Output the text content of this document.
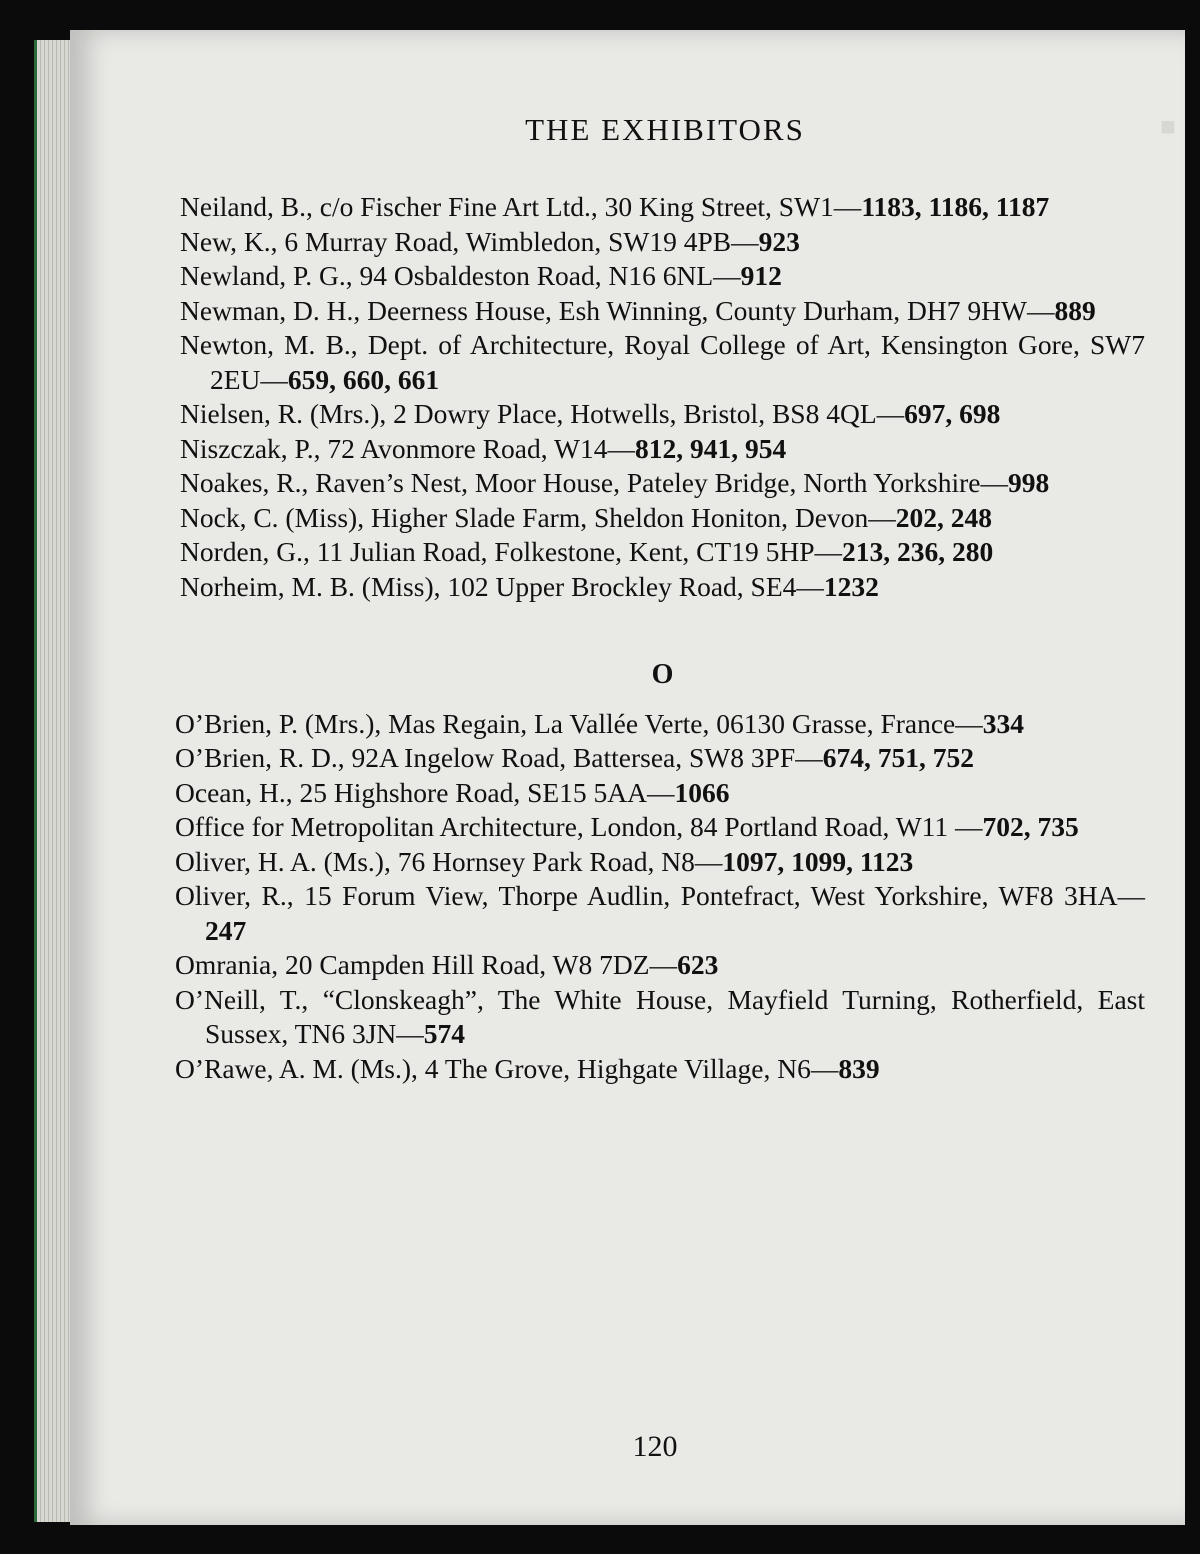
■
THE EXHIBITORS

Neiland, B., c/o Fischer Fine Art Ltd., 30 King Street, SW1—1183, 1186, 1187

New, K., 6 Murray Road, Wimbledon, SW19 4PB—923

Newland, P. G., 94 Osbaldeston Road, N16 6NL—912

Newman, D. H., Deerness House, Esh Winning, County Durham, DH7 9HW—889

Newton, M. B., Dept. of Architecture, Royal College of Art, Kensington Gore, SW7 2EU—659, 660, 661

Nielsen, R. (Mrs.), 2 Dowry Place, Hotwells, Bristol, BS8 4QL—697, 698

Niszczak, P., 72 Avonmore Road, W14—812, 941, 954

Noakes, R., Raven’s Nest, Moor House, Pateley Bridge, North Yorkshire—998

Nock, C. (Miss), Higher Slade Farm, Sheldon Honiton, Devon—202, 248

Norden, G., 11 Julian Road, Folkestone, Kent, CT19 5HP—213, 236, 280

Norheim, M. B. (Miss), 102 Upper Brockley Road, SE4—1232

O

O’Brien, P. (Mrs.), Mas Regain, La Vallée Verte, 06130 Grasse, France—334

O’Brien, R. D., 92A Ingelow Road, Battersea, SW8 3PF—674, 751, 752

Ocean, H., 25 Highshore Road, SE15 5AA—1066

Office for Metropolitan Architecture, London, 84 Portland Road, W11 —702, 735

Oliver, H. A. (Ms.), 76 Hornsey Park Road, N8—1097, 1099, 1123

Oliver, R., 15 Forum View, Thorpe Audlin, Pontefract, West Yorkshire, WF8 3HA—247

Omrania, 20 Campden Hill Road, W8 7DZ—623

O’Neill, T., “Clonskeagh”, The White House, Mayfield Turning, Rotherfield, East Sussex, TN6 3JN—574

O’Rawe, A. M. (Ms.), 4 The Grove, Highgate Village, N6—839

120
